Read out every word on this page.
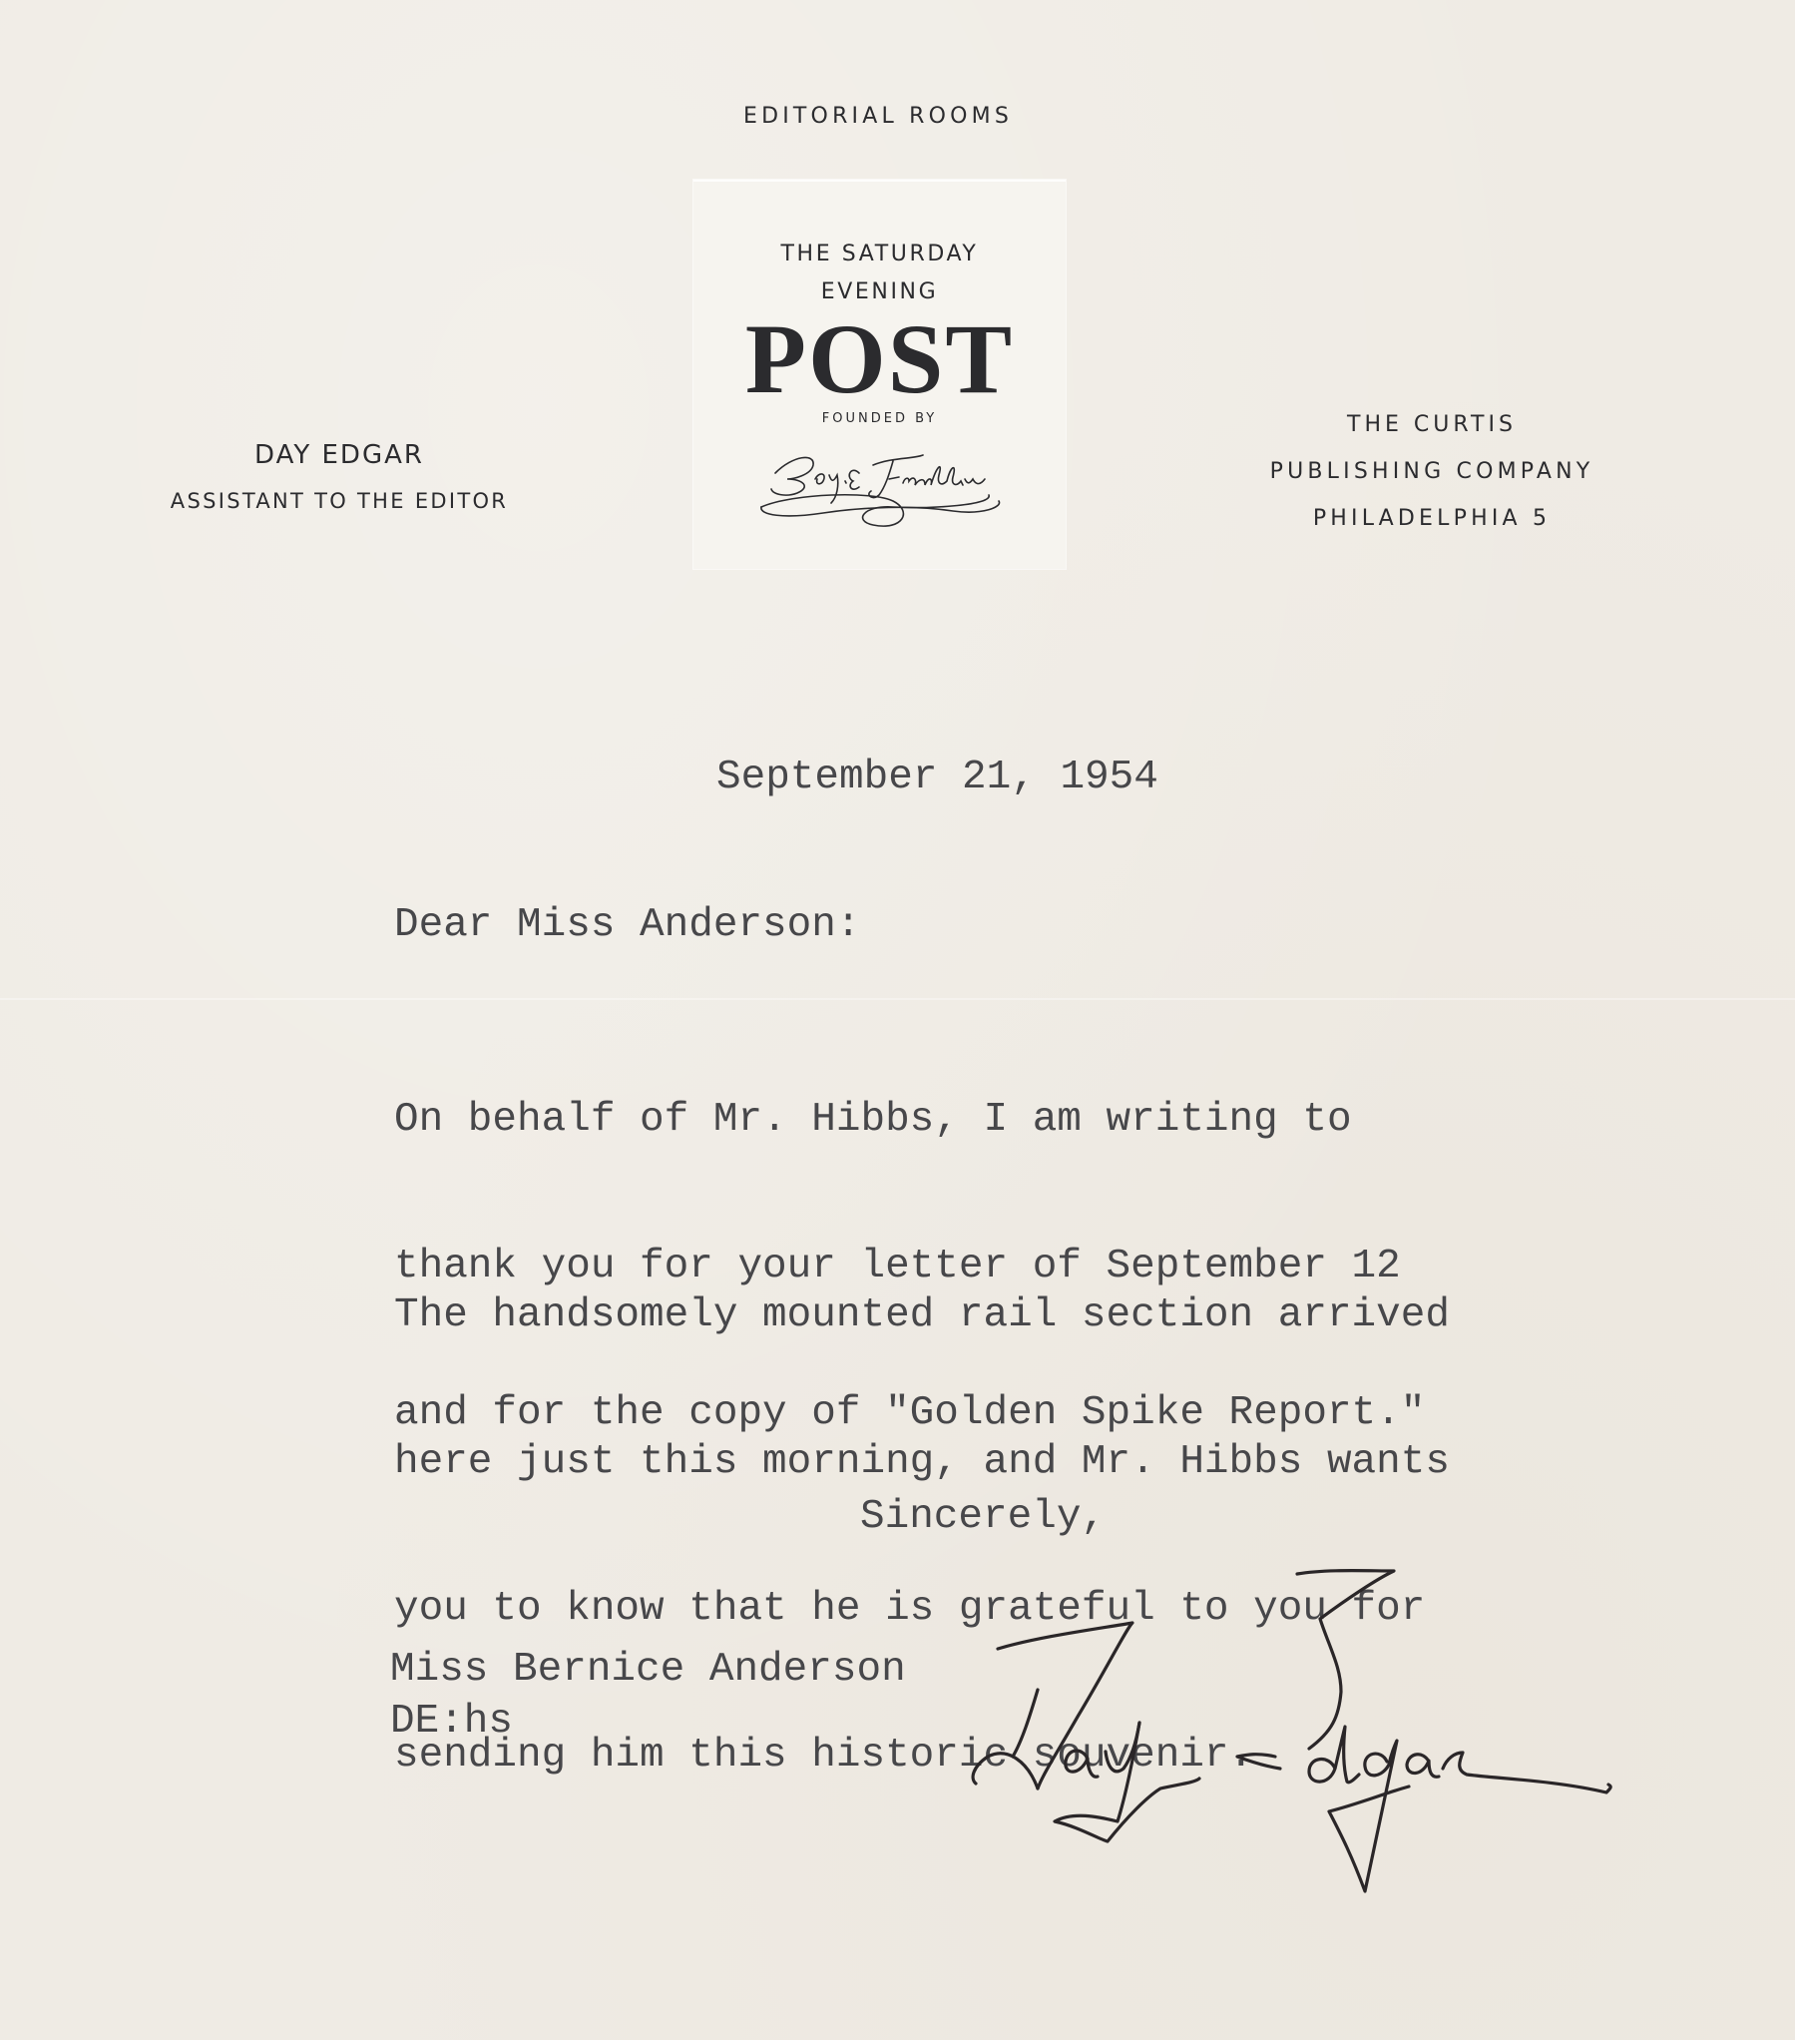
EDITORIAL ROOMS
THE SATURDAY
EVENING
POST
FOUNDED BY
DAY EDGAR
ASSISTANT TO THE EDITOR
THE CURTIS
PUBLISHING COMPANY
PHILADELPHIA 5
September 21, 1954
Dear Miss Anderson:

On behalf of Mr. Hibbs, I am writing to

thank you for your letter of September 12

and for the copy of "Golden Spike Report."

The handsomely mounted rail section arrived

here just this morning, and Mr. Hibbs wants

you to know that he is grateful to you for

sending him this historic souvenir.

Sincerely,
Miss Bernice Anderson
DE:hs
